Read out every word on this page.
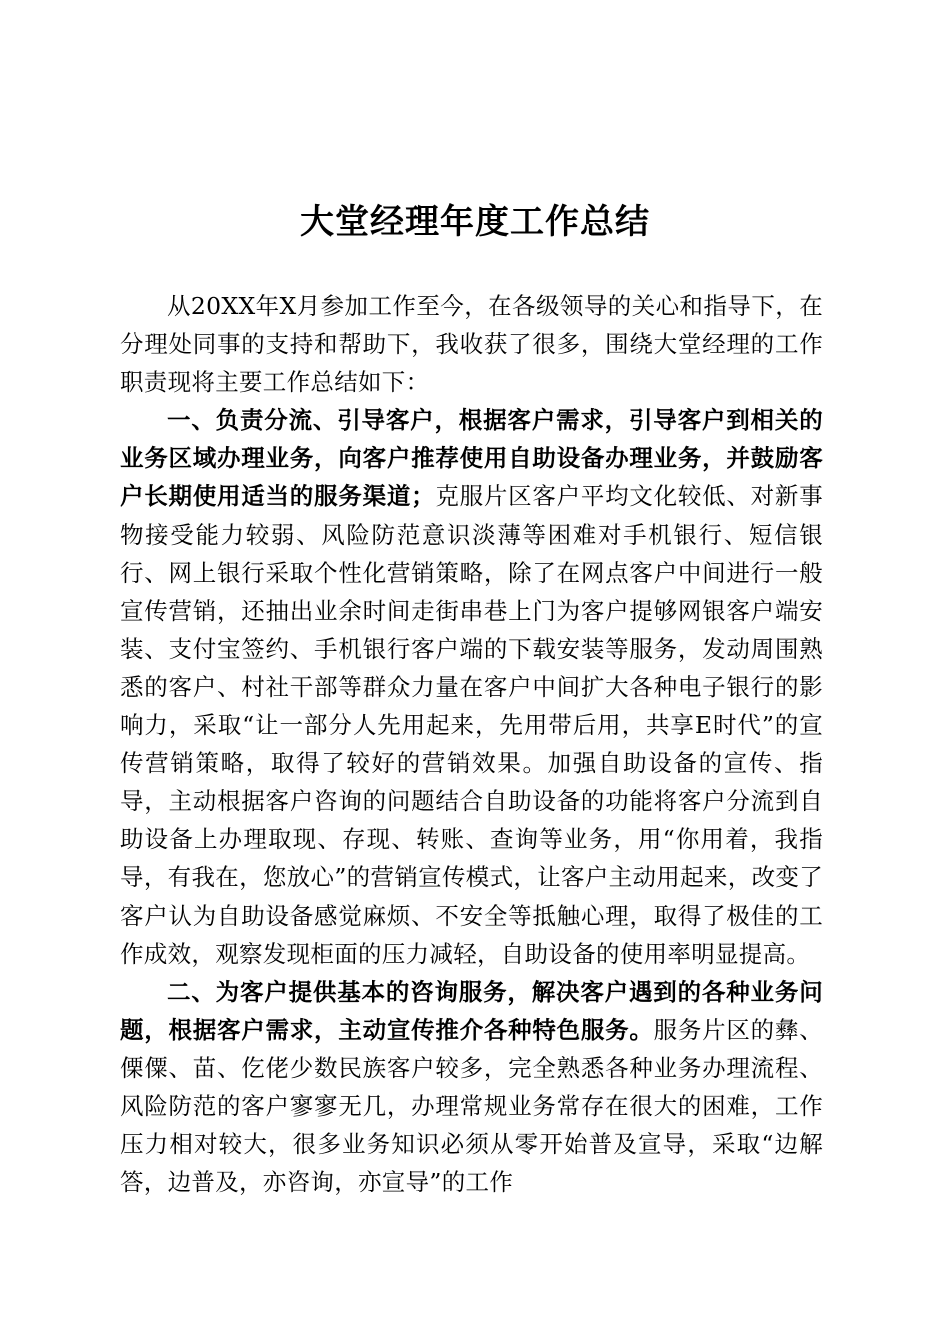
大堂经理年度工作总结

从20XX年X月参加工作至今，在各级领导的关心和指导下，在分理处同事的支持和帮助下，我收获了很多，围绕大堂经理的工作职责现将主要工作总结如下：

一、负责分流、引导客户，根据客户需求，引导客户到相关的业务区域办理业务，向客户推荐使用自助设备办理业务，并鼓励客户长期使用适当的服务渠道；克服片区客户平均文化较低、对新事物接受能力较弱、风险防范意识淡薄等困难对手机银行、短信银行、网上银行采取个性化营销策略，除了在网点客户中间进行一般宣传营销，还抽出业余时间走街串巷上门为客户提够网银客户端安装、支付宝签约、手机银行客户端的下载安装等服务，发动周围熟悉的客户、村社干部等群众力量在客户中间扩大各种电子银行的影响力，采取“让一部分人先用起来，先用带后用，共享E时代”的宣传营销策略，取得了较好的营销效果。加强自助设备的宣传、指导，主动根据客户咨询的问题结合自助设备的功能将客户分流到自助设备上办理取现、存现、转账、查询等业务，用“你用着，我指导，有我在，您放心”的营销宣传模式，让客户主动用起来，改变了客户认为自助设备感觉麻烦、不安全等抵触心理，取得了极佳的工作成效，观察发现柜面的压力减轻，自助设备的使用率明显提高。

二、为客户提供基本的咨询服务，解决客户遇到的各种业务问题，根据客户需求，主动宣传推介各种特色服务。服务片区的彝、傈僳、苗、仡佬少数民族客户较多，完全熟悉各种业务办理流程、风险防范的客户寥寥无几，办理常规业务常存在很大的困难，工作压力相对较大，很多业务知识必须从零开始普及宣导，采取“边解答，边普及，亦咨询，亦宣导”的工作
